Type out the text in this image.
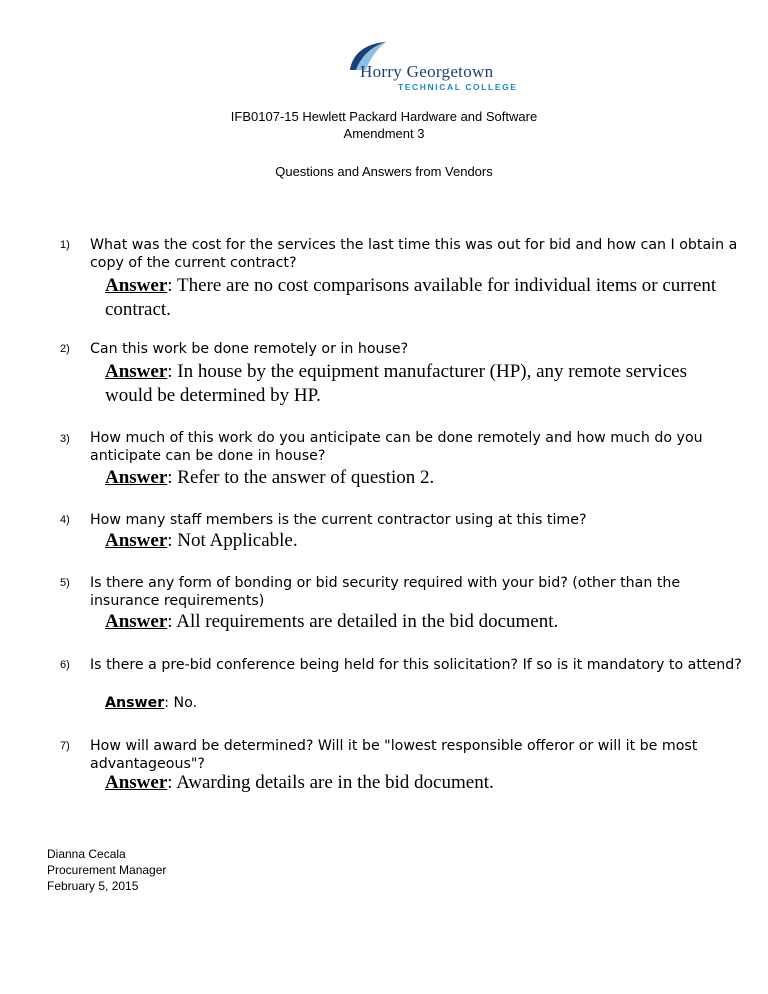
Horry Georgetown
TECHNICAL COLLEGE
IFB0107-15 Hewlett Packard Hardware and Software
Amendment 3
Questions and Answers from Vendors
1) What was the cost for the services the last time this was out for bid and how can I obtain a copy of the current contract?
Answer: There are no cost comparisons available for individual items or current contract.
2) Can this work be done remotely or in house?
Answer: In house by the equipment manufacturer (HP), any remote services would be determined by HP.
3) How much of this work do you anticipate can be done remotely and how much do you anticipate can be done in house?
Answer: Refer to the answer of question 2.
4) How many staff members is the current contractor using at this time?
Answer: Not Applicable.
5) Is there any form of bonding or bid security required with your bid? (other than the insurance requirements)
Answer: All requirements are detailed in the bid document.
6) Is there a pre-bid conference being held for this solicitation? If so is it mandatory to attend?
Answer: No.
7) How will award be determined? Will it be "lowest responsible offeror or will it be most advantageous"?
Answer: Awarding details are in the bid document.
Dianna Cecala
Procurement Manager
February 5, 2015
